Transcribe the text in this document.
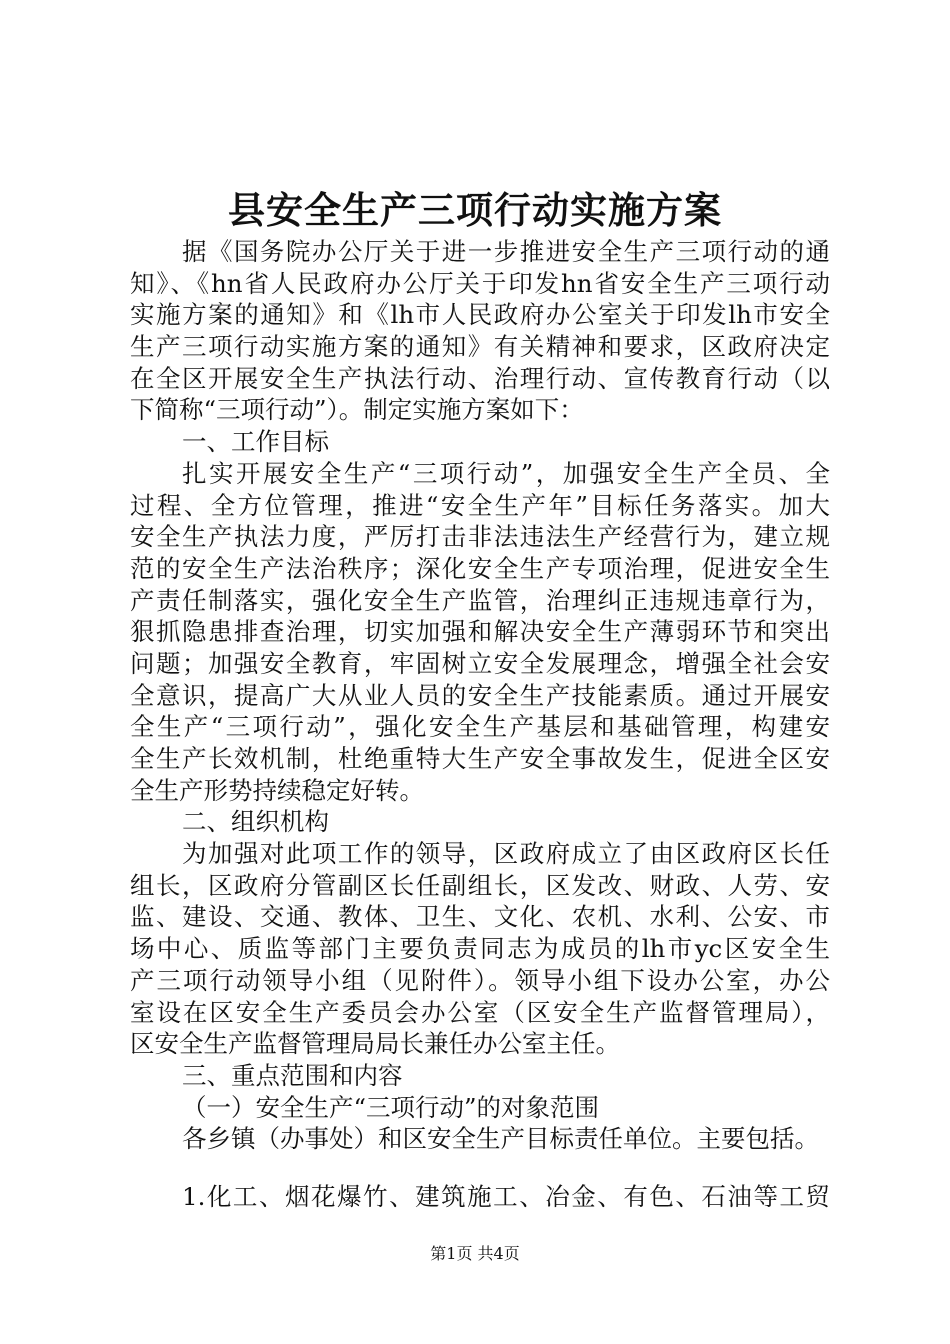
县安全生产三项行动实施方案
据《国务院办公厅关于进一步推进安全生产三项行动的通
知》、《hn省人民政府办公厅关于印发hn省安全生产三项行动
实施方案的通知》和《lh市人民政府办公室关于印发lh市安全
生产三项行动实施方案的通知》有关精神和要求，区政府决定
在全区开展安全生产执法行动、治理行动、宣传教育行动（以
下简称“三项行动”）。制定实施方案如下：
一、工作目标
扎实开展安全生产“三项行动”，加强安全生产全员、全
过程、全方位管理，推进“安全生产年”目标任务落实。加大
安全生产执法力度，严厉打击非法违法生产经营行为，建立规
范的安全生产法治秩序；深化安全生产专项治理，促进安全生
产责任制落实，强化安全生产监管，治理纠正违规违章行为，
狠抓隐患排查治理，切实加强和解决安全生产薄弱环节和突出
问题；加强安全教育，牢固树立安全发展理念，增强全社会安
全意识，提高广大从业人员的安全生产技能素质。通过开展安
全生产“三项行动”，强化安全生产基层和基础管理，构建安
全生产长效机制，杜绝重特大生产安全事故发生，促进全区安
全生产形势持续稳定好转。
二、组织机构
为加强对此项工作的领导，区政府成立了由区政府区长任
组长，区政府分管副区长任副组长，区发改、财政、人劳、安
监、建设、交通、教体、卫生、文化、农机、水利、公安、市
场中心、质监等部门主要负责同志为成员的lh市yc区安全生
产三项行动领导小组（见附件）。领导小组下设办公室，办公
室设在区安全生产委员会办公室（区安全生产监督管理局），
区安全生产监督管理局局长兼任办公室主任。
三、重点范围和内容
（一）安全生产“三项行动”的对象范围
各乡镇（办事处）和区安全生产目标责任单位。主要包括。
1.化工、烟花爆竹、建筑施工、冶金、有色、石油等工贸
第1页 共4页
